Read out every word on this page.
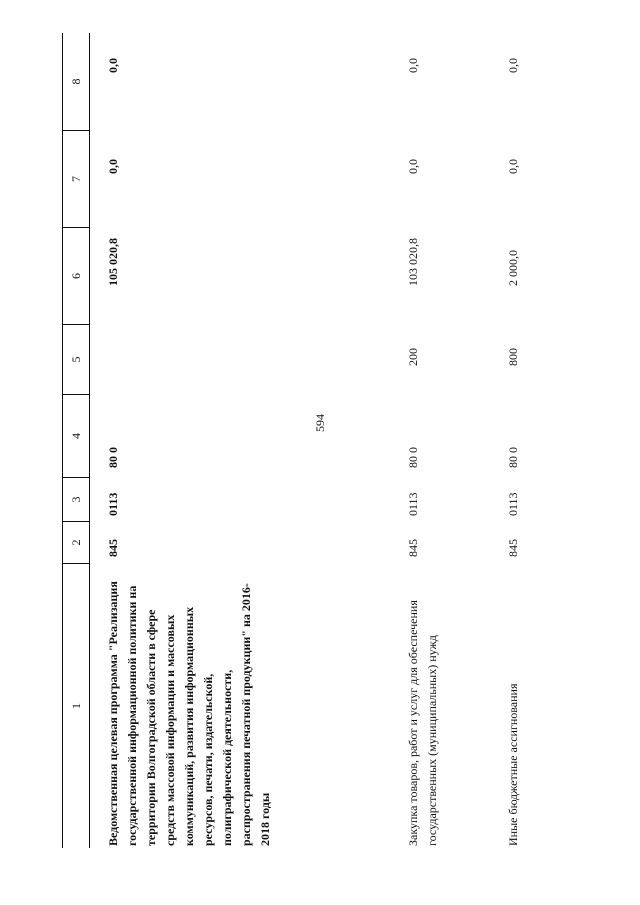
594
1
2
3
4
5
6
7
8
Ведомственная целевая программа "Реализация государственной информационной политики на территории Волгоградской области в сфере средств массовой информации и массовых коммуникаций, развития информационных ресурсов, печати, издательской, полиграфической деятельности, распространения печатной продукции" на 2016-2018 годы
845
0113
80 0
105 020,8
0,0
0,0
Закупка товаров, работ и услуг для обеспечения государственных (муниципальных) нужд
845
0113
80 0
200
103 020,8
0,0
0,0
Иные бюджетные ассигнования
845
0113
80 0
800
2 000,0
0,0
0,0
